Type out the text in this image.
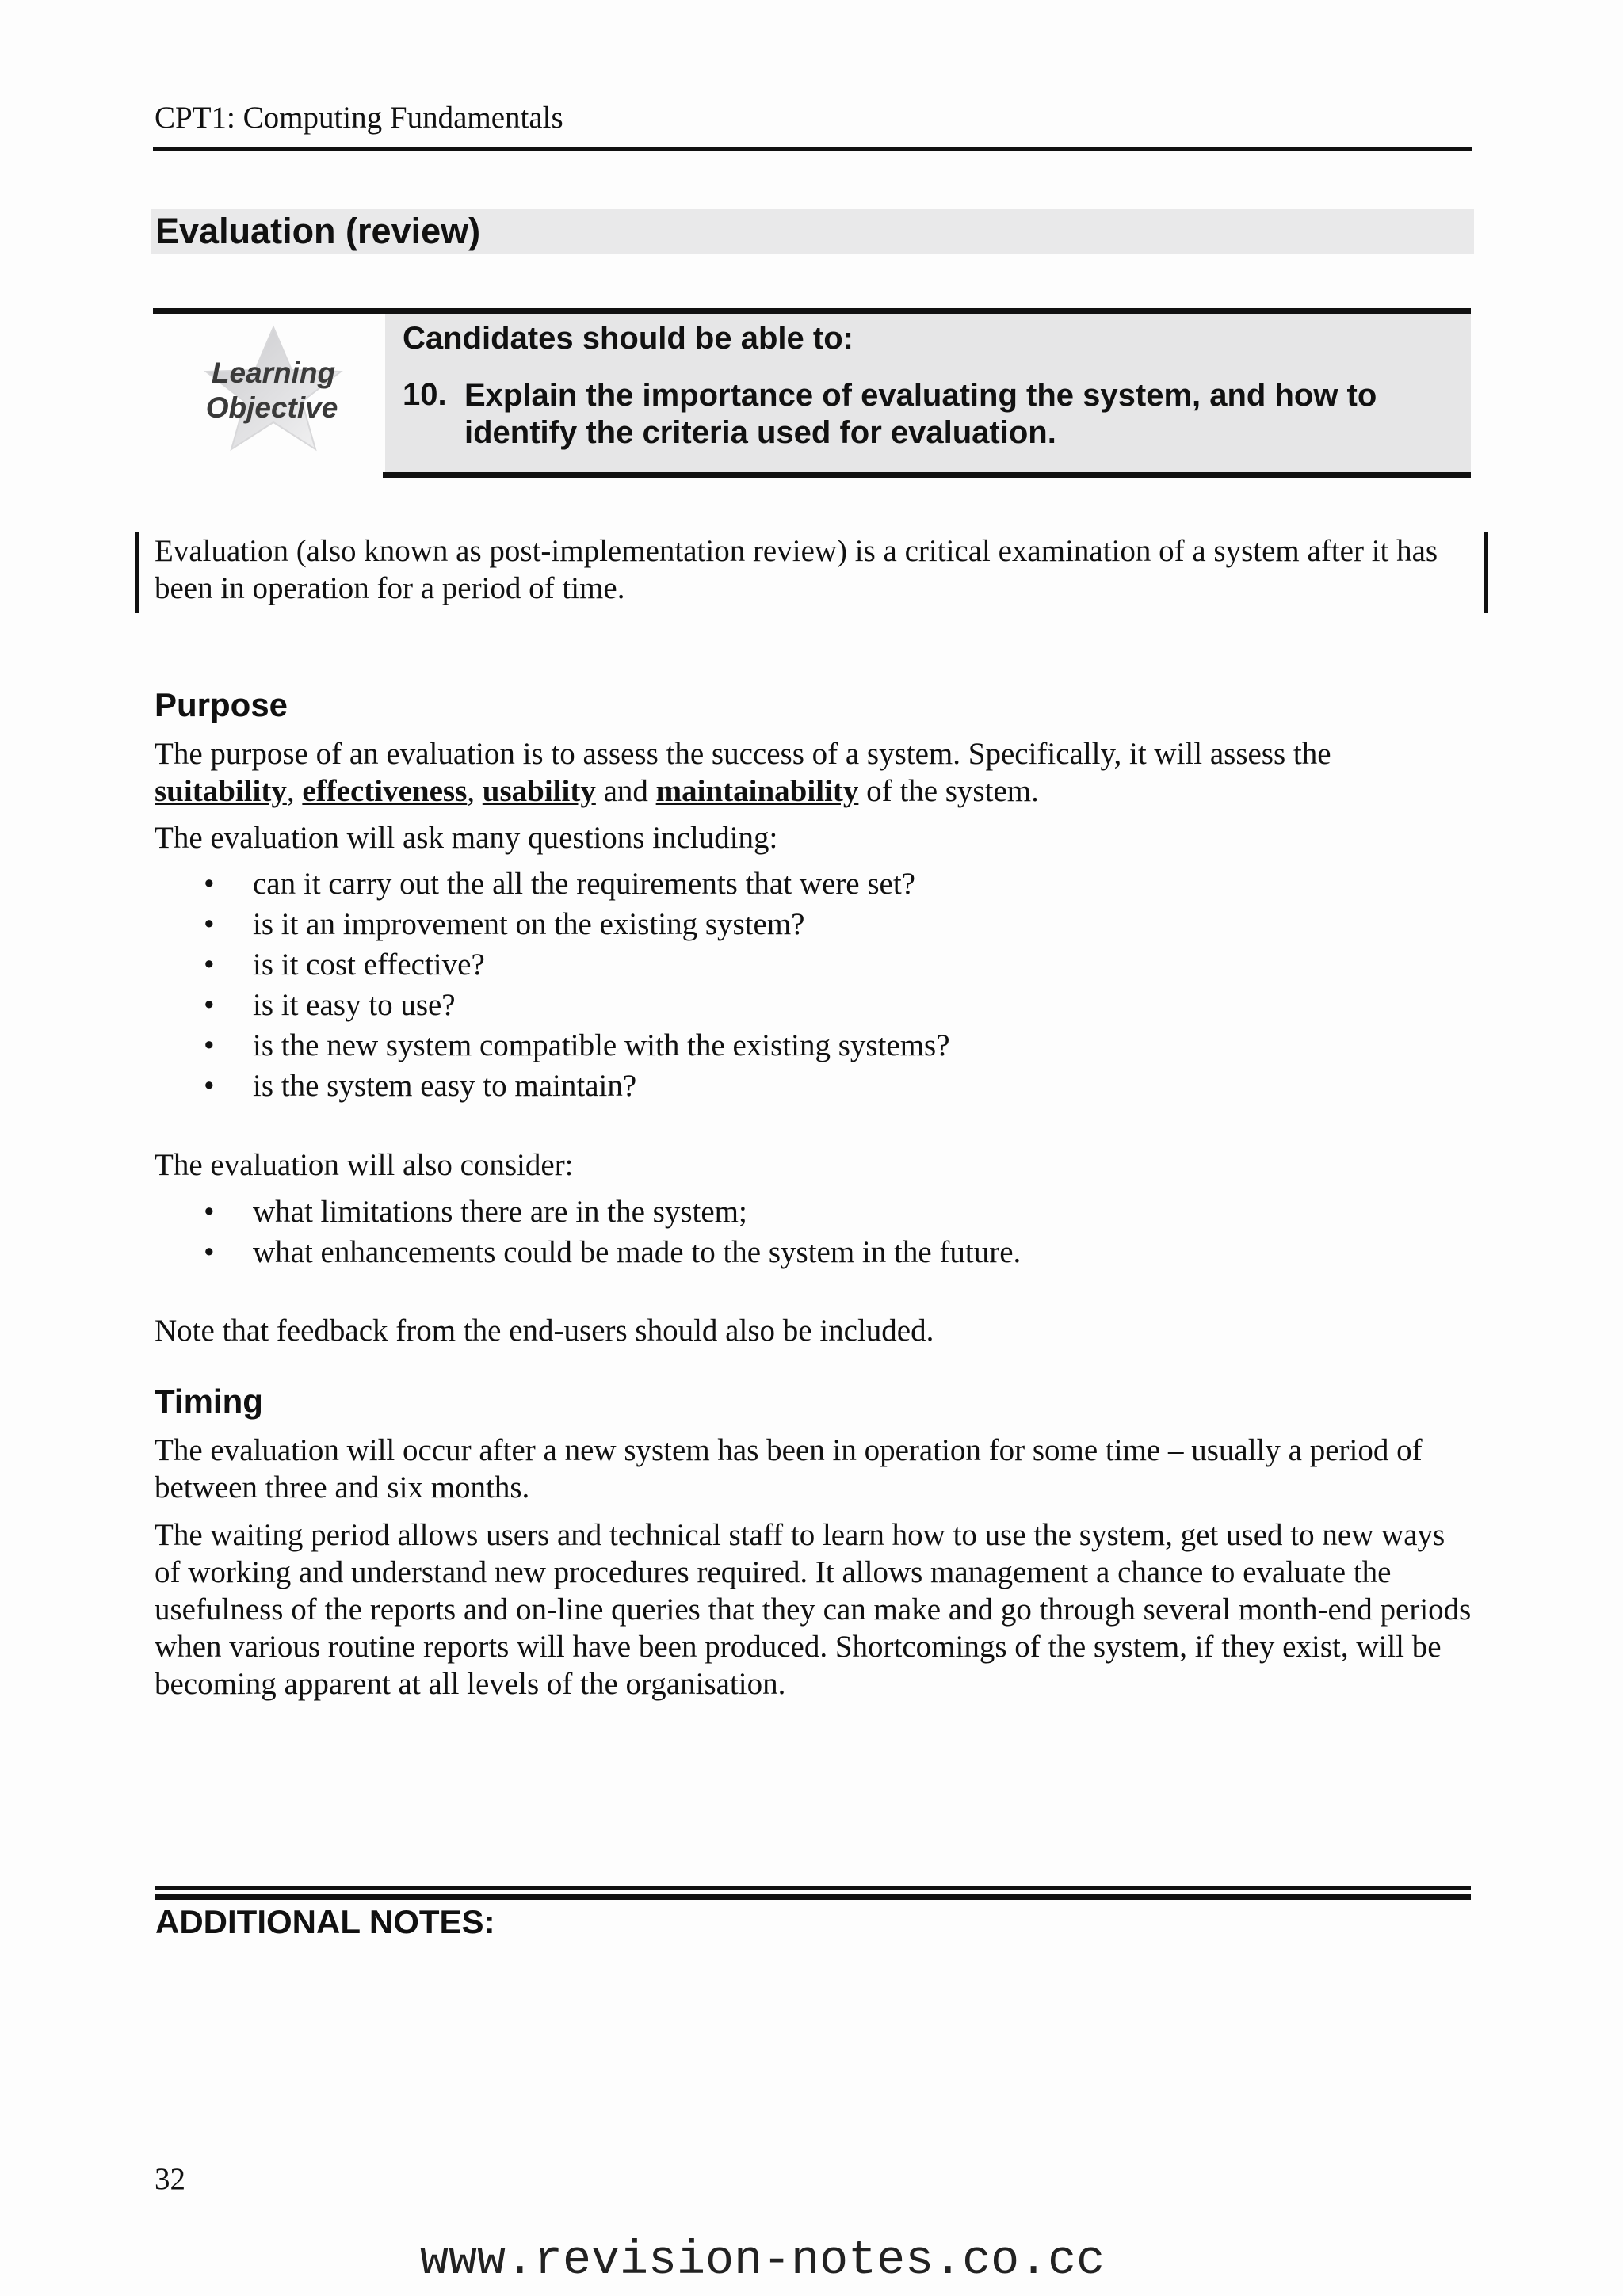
CPT1: Computing Fundamentals
Evaluation (review)
Learning
Objective
Candidates should be able to:
10. Explain the importance of evaluating the system, and how to identify the criteria used for evaluation.
Evaluation (also known as post-implementation review) is a critical examination of a system after it has been in operation for a period of time.
Purpose
The purpose of an evaluation is to assess the success of a system. Specifically, it will assess the suitability, effectiveness, usability and maintainability of the system.
The evaluation will ask many questions including:
• can it carry out the all the requirements that were set?
• is it an improvement on the existing system?
• is it cost effective?
• is it easy to use?
• is the new system compatible with the existing systems?
• is the system easy to maintain?
The evaluation will also consider:
• what limitations there are in the system;
• what enhancements could be made to the system in the future.
Note that feedback from the end-users should also be included.
Timing
The evaluation will occur after a new system has been in operation for some time – usually a period of between three and six months.
The waiting period allows users and technical staff to learn how to use the system, get used to new ways of working and understand new procedures required. It allows management a chance to evaluate the usefulness of the reports and on-line queries that they can make and go through several month-end periods when various routine reports will have been produced. Shortcomings of the system, if they exist, will be becoming apparent at all levels of the organisation.
ADDITIONAL NOTES:
32
www.revision-notes.co.cc
